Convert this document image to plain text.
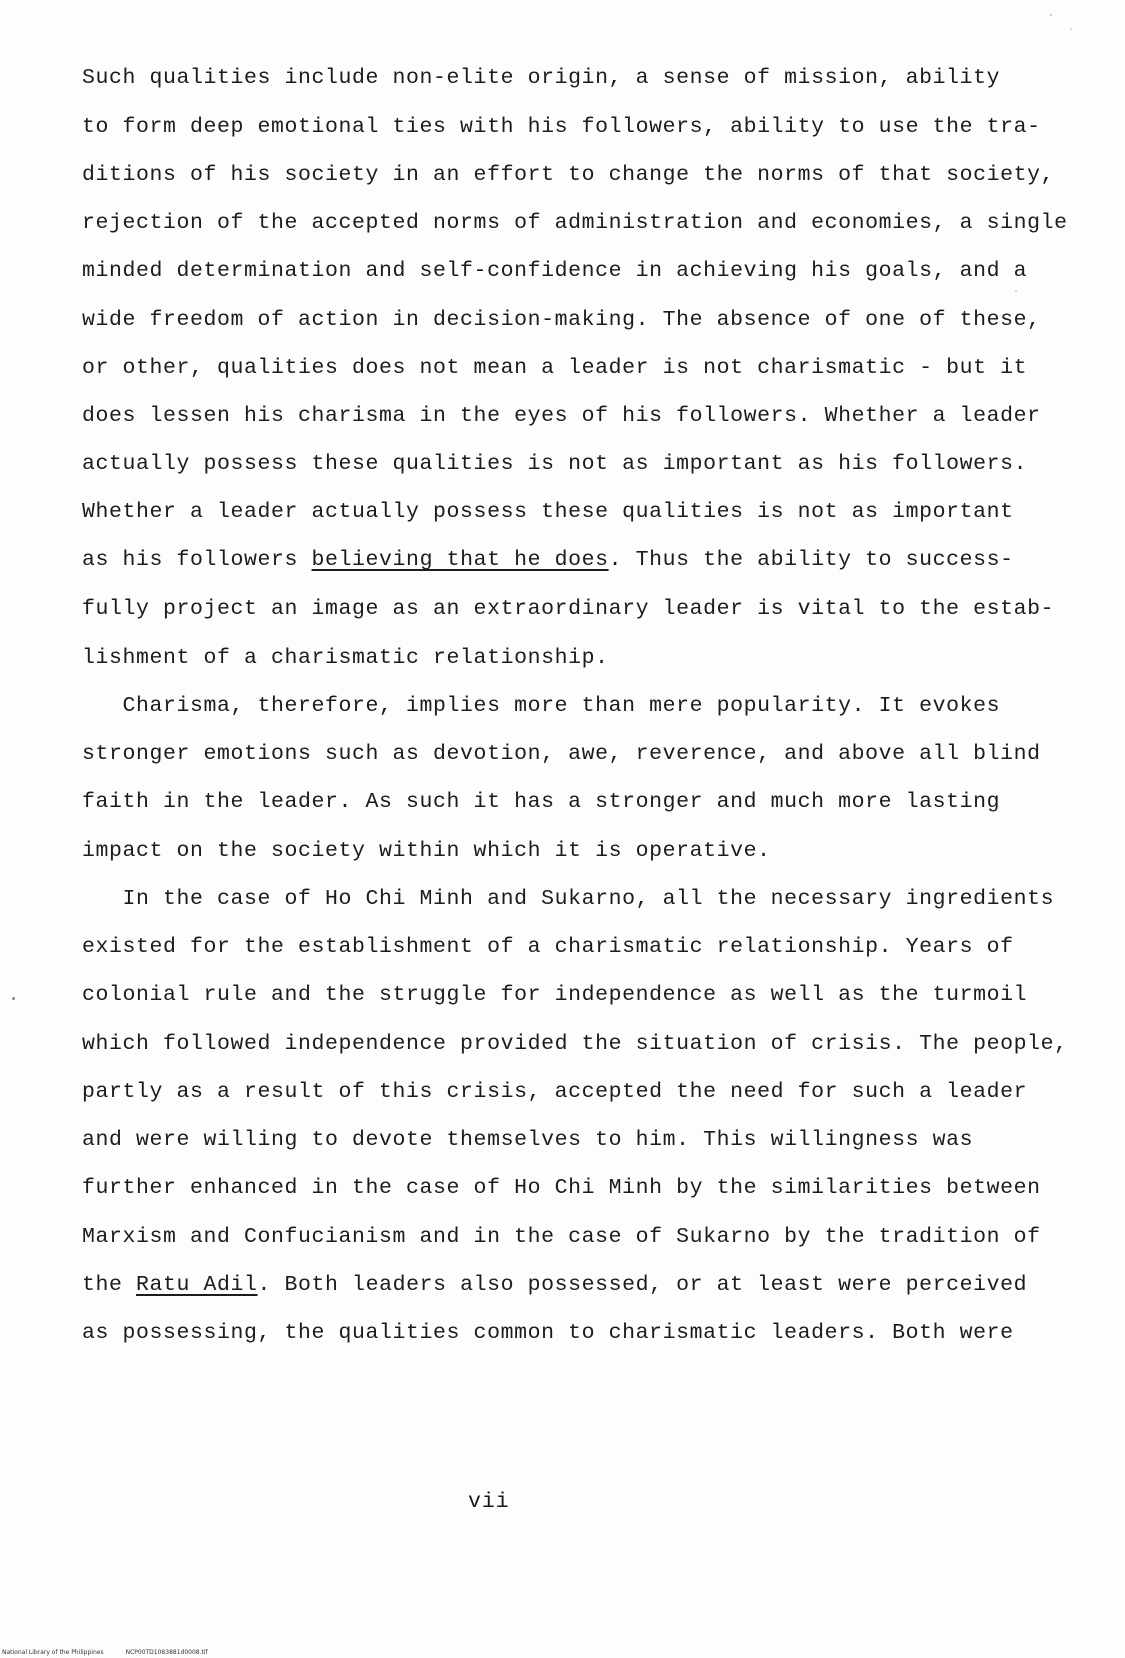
Such qualities include non-elite origin, a sense of mission, ability
to form deep emotional ties with his followers, ability to use the tra-
ditions of his society in an effort to change the norms of that society,
rejection of the accepted norms of administration and economies, a single
minded determination and self-confidence in achieving his goals, and a
wide freedom of action in decision-making. The absence of one of these,
or other, qualities does not mean a leader is not charismatic - but it
does lessen his charisma in the eyes of his followers. Whether a leader
actually possess these qualities is not as important as his followers.
Whether a leader actually possess these qualities is not as important
as his followers believing that he does. Thus the ability to success-
fully project an image as an extraordinary leader is vital to the estab-
lishment of a charismatic relationship.
Charisma, therefore, implies more than mere popularity. It evokes
stronger emotions such as devotion, awe, reverence, and above all blind
faith in the leader. As such it has a stronger and much more lasting
impact on the society within which it is operative.
In the case of Ho Chi Minh and Sukarno, all the necessary ingredients
existed for the establishment of a charismatic relationship. Years of
colonial rule and the struggle for independence as well as the turmoil
which followed independence provided the situation of crisis. The people,
partly as a result of this crisis, accepted the need for such a leader
and were willing to devote themselves to him. This willingness was
further enhanced in the case of Ho Chi Minh by the similarities between
Marxism and Confucianism and in the case of Sukarno by the tradition of
the Ratu Adil. Both leaders also possessed, or at least were perceived
as possessing, the qualities common to charismatic leaders. Both were
vii
National Library of the Philippines	NCP00TD1083881d0008.tif
